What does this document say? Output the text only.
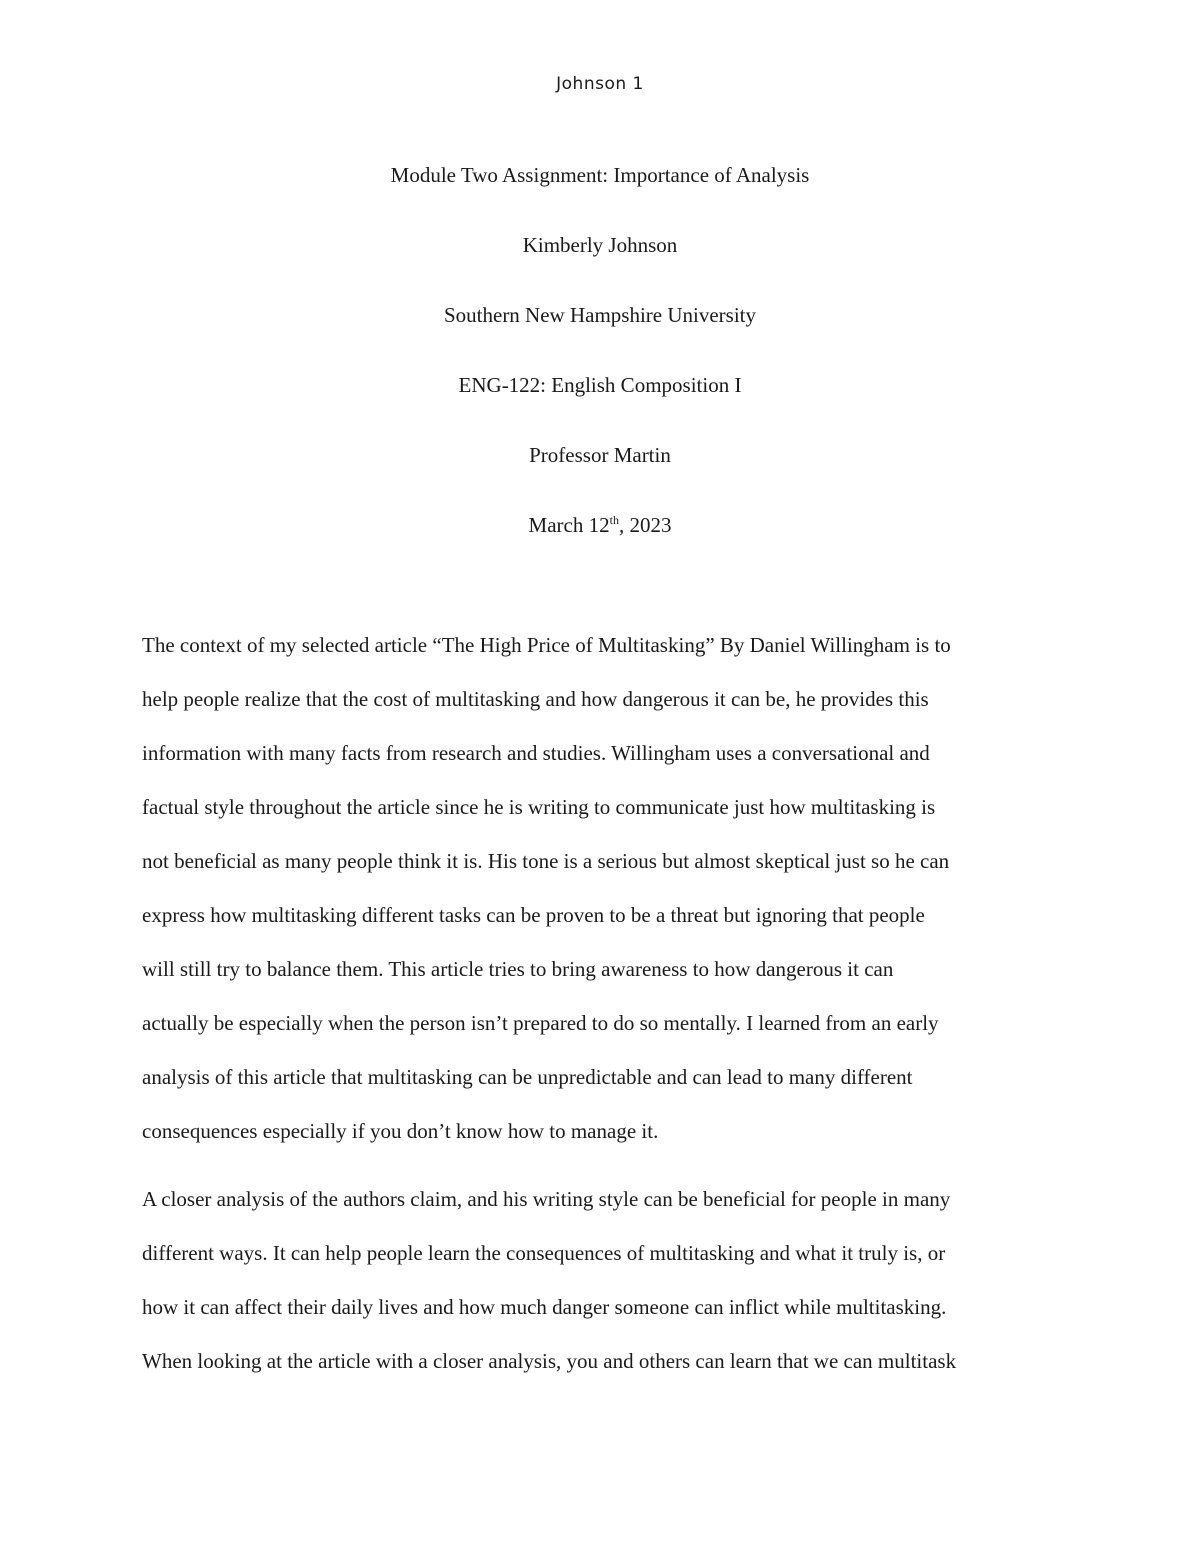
Johnson 1
Module Two Assignment: Importance of Analysis
Kimberly Johnson
Southern New Hampshire University
ENG-122: English Composition I
Professor Martin
March 12th, 2023
The context of my selected article “The High Price of Multitasking” By Daniel Willingham is to
help people realize that the cost of multitasking and how dangerous it can be, he provides this
information with many facts from research and studies. Willingham uses a conversational and
factual style throughout the article since he is writing to communicate just how multitasking is
not beneficial as many people think it is. His tone is a serious but almost skeptical just so he can
express how multitasking different tasks can be proven to be a threat but ignoring that people
will still try to balance them. This article tries to bring awareness to how dangerous it can
actually be especially when the person isn’t prepared to do so mentally. I learned from an early
analysis of this article that multitasking can be unpredictable and can lead to many different
consequences especially if you don’t know how to manage it.
A closer analysis of the authors claim, and his writing style can be beneficial for people in many
different ways. It can help people learn the consequences of multitasking and what it truly is, or
how it can affect their daily lives and how much danger someone can inflict while multitasking.
When looking at the article with a closer analysis, you and others can learn that we can multitask
